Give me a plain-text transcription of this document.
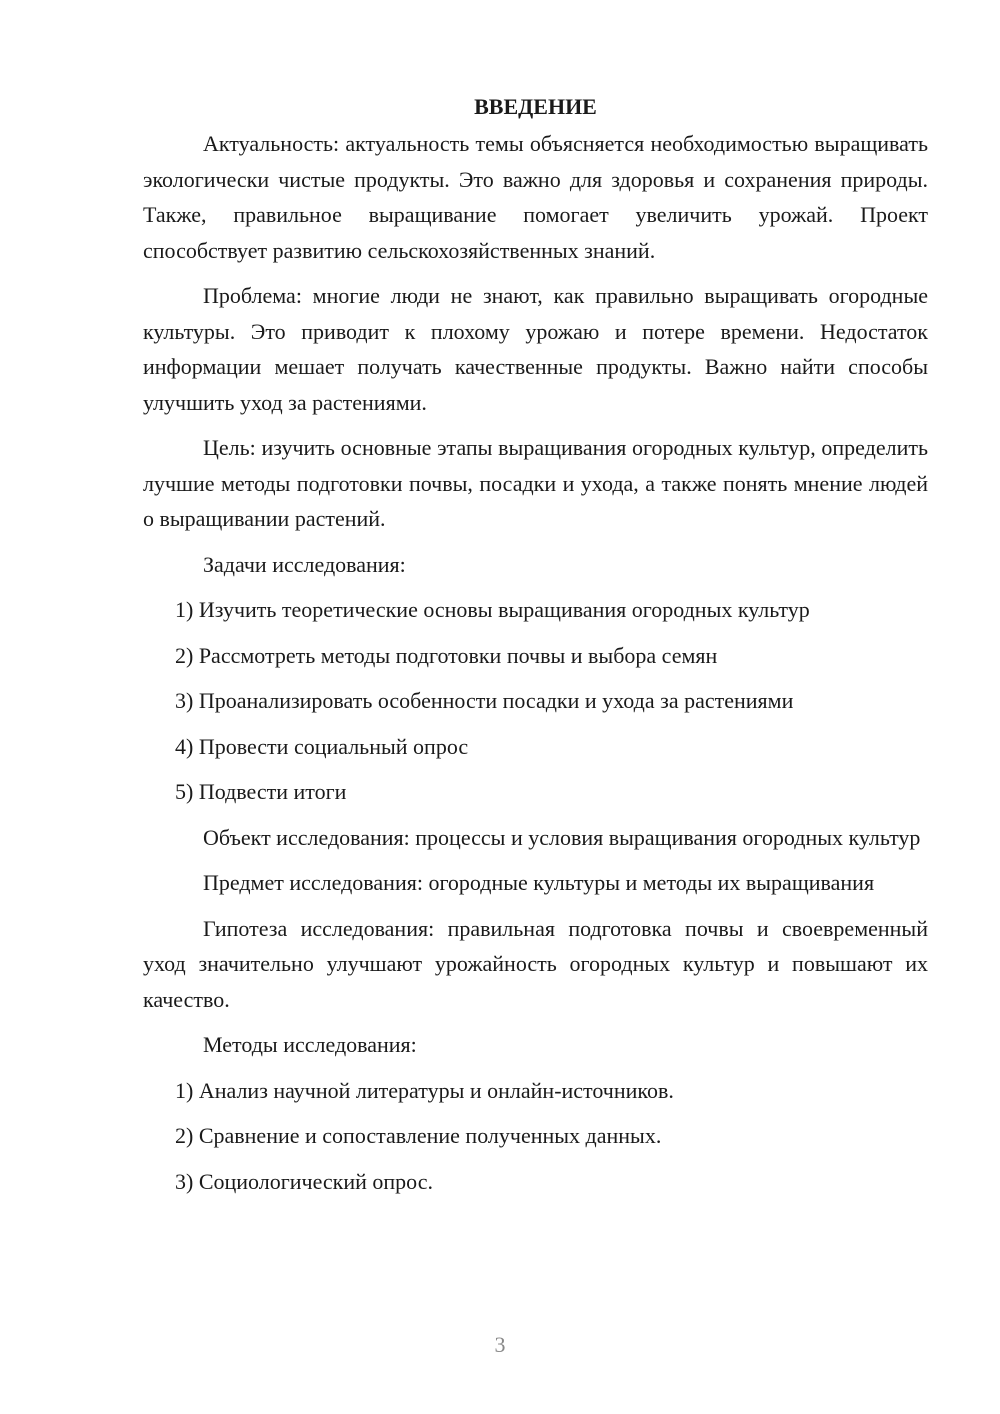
ВВЕДЕНИЕ
Актуальность: актуальность темы объясняется необходимостью выращивать экологически чистые продукты. Это важно для здоровья и сохранения природы. Также, правильное выращивание помогает увеличить урожай. Проект способствует развитию сельскохозяйственных знаний.
Проблема: многие люди не знают, как правильно выращивать огородные культуры. Это приводит к плохому урожаю и потере времени. Недостаток информации мешает получать качественные продукты. Важно найти способы улучшить уход за растениями.
Цель: изучить основные этапы выращивания огородных культур, определить лучшие методы подготовки почвы, посадки и ухода, а также понять мнение людей о выращивании растений.
Задачи исследования:
1) Изучить теоретические основы выращивания огородных культур
2) Рассмотреть методы подготовки почвы и выбора семян
3) Проанализировать особенности посадки и ухода за растениями
4) Провести социальный опрос
5) Подвести итоги
Объект исследования: процессы и условия выращивания огородных культур
Предмет исследования: огородные культуры и методы их выращивания
Гипотеза исследования: правильная подготовка почвы и своевременный уход значительно улучшают урожайность огородных культур и повышают их качество.
Методы исследования:
1) Анализ научной литературы и онлайн-источников.
2) Сравнение и сопоставление полученных данных.
3) Социологический опрос.
3
